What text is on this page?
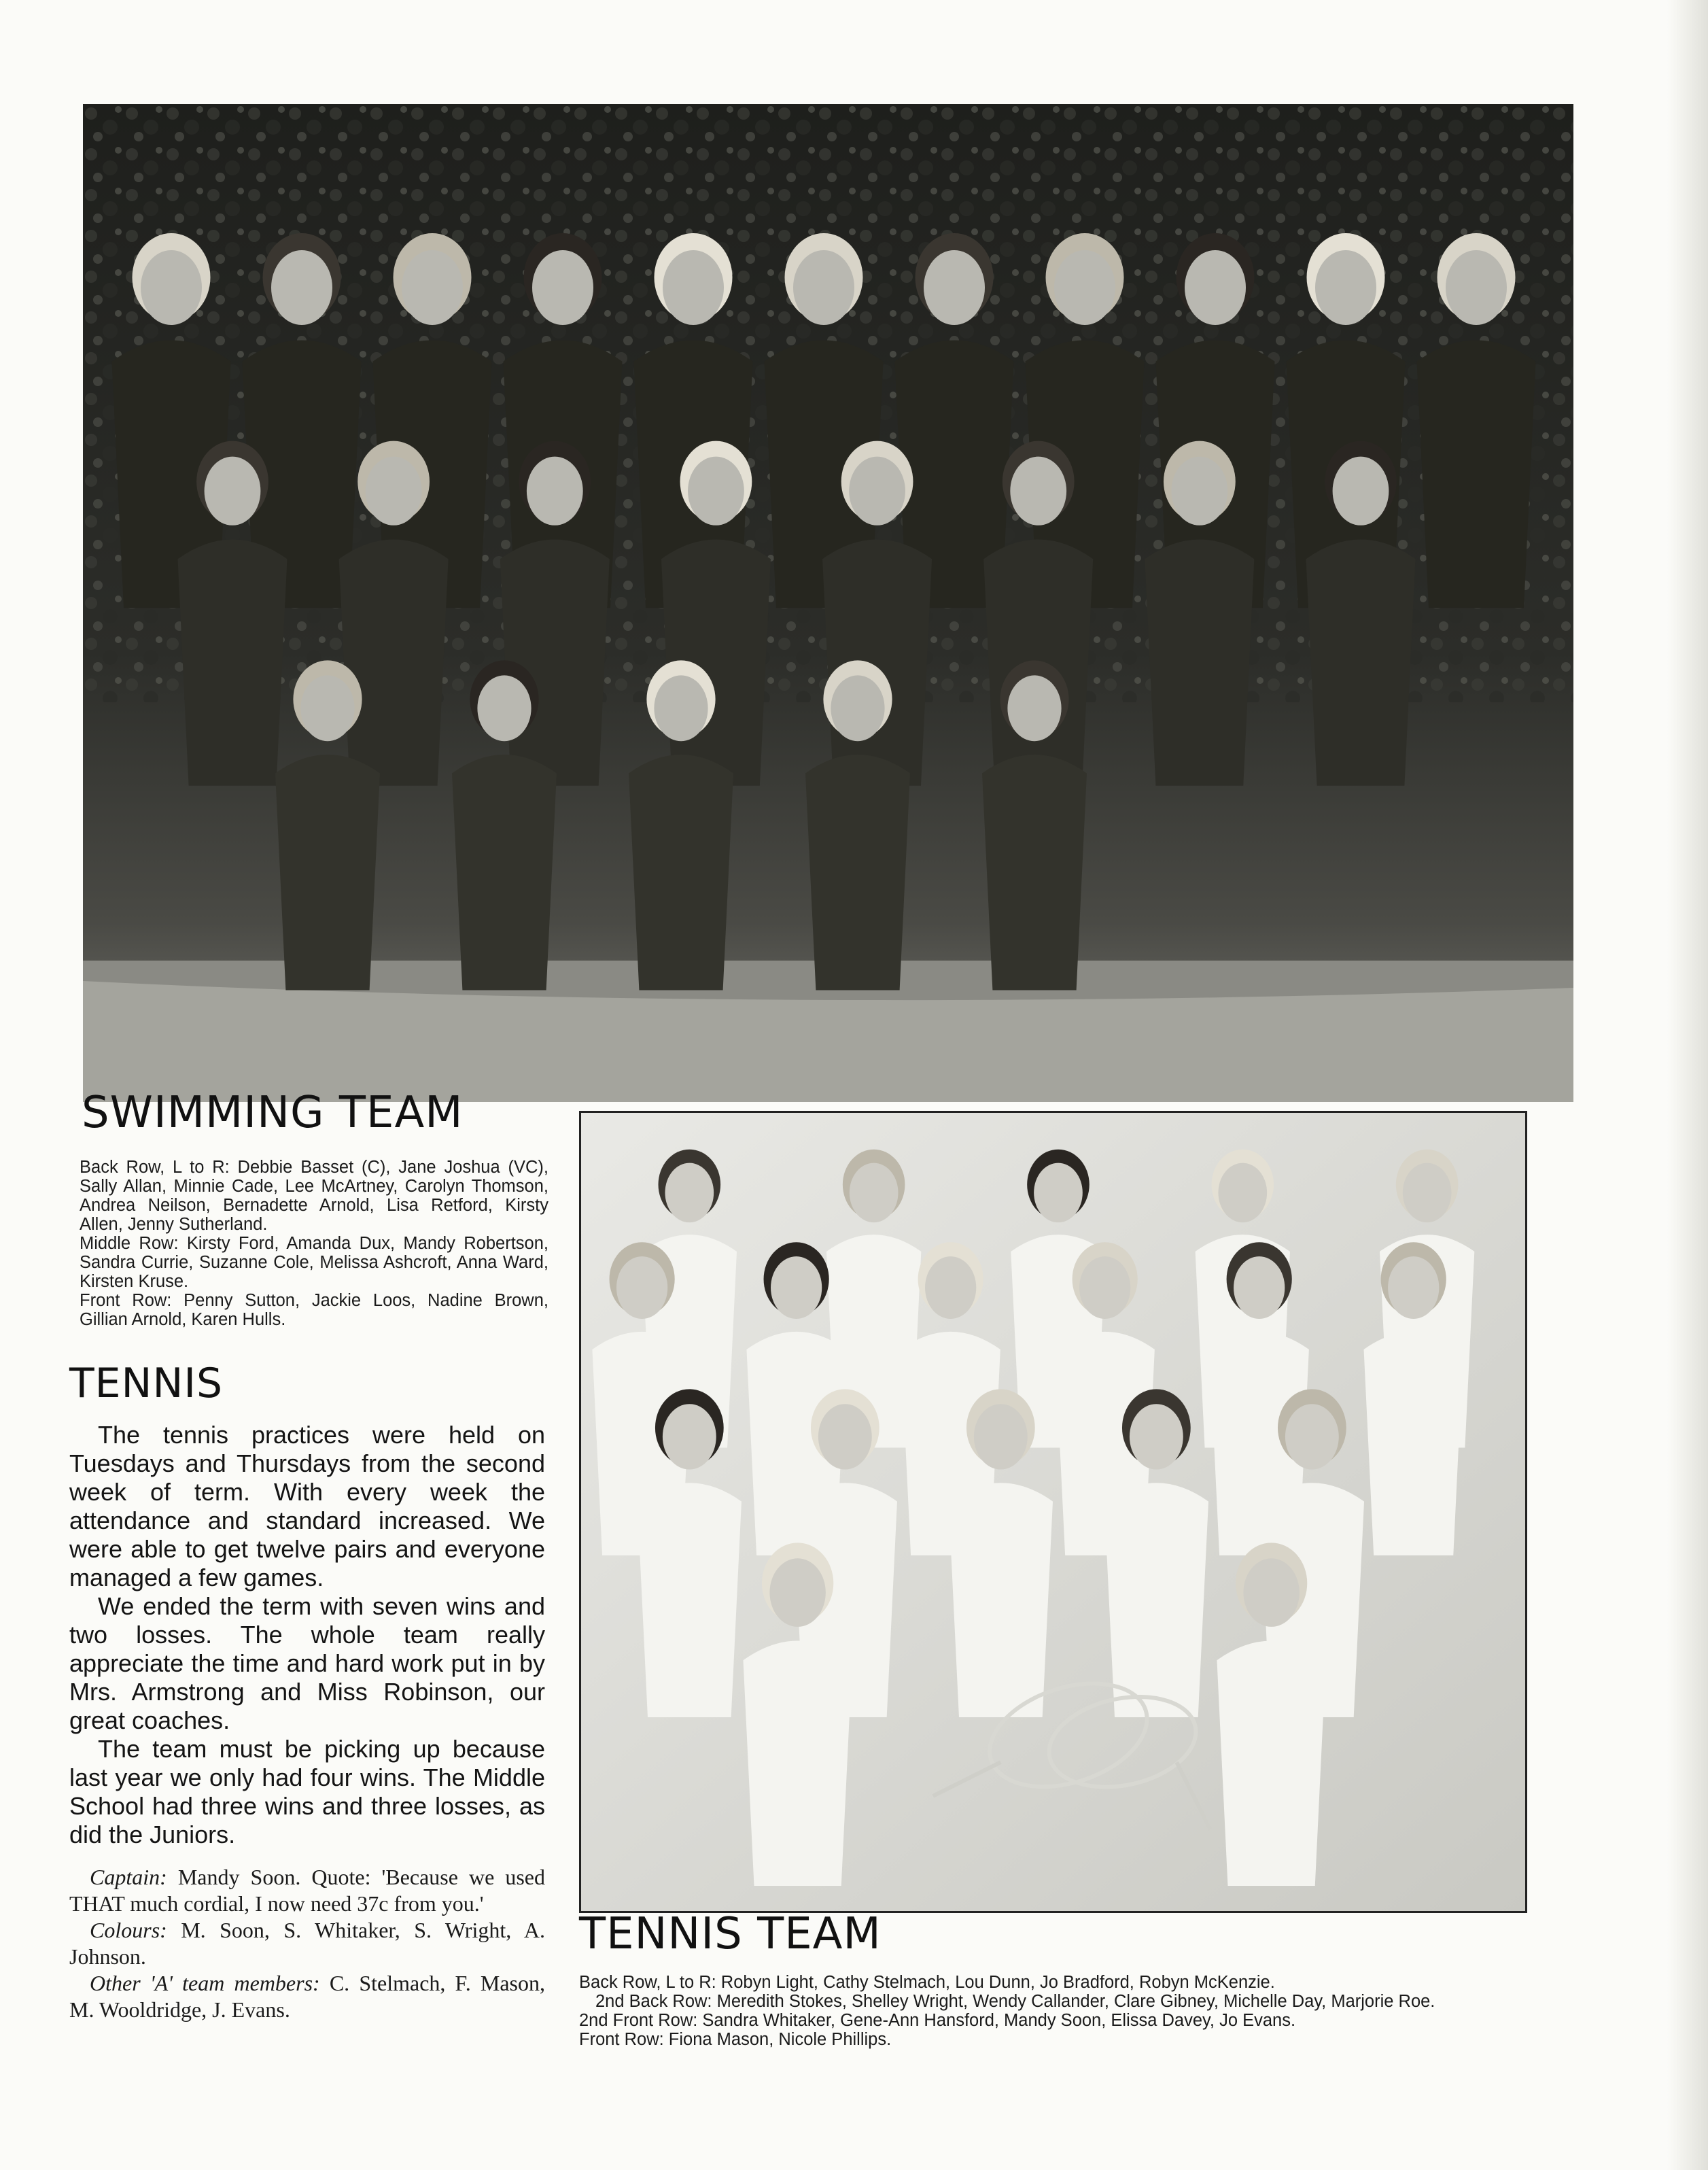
SWIMMING TEAM

Back Row, L to R: Debbie Basset (C), Jane Joshua (VC), Sally Allan, Minnie Cade, Lee McArtney, Carolyn Thomson, Andrea Neilson, Bernadette Arnold, Lisa Retford, Kirsty Allen, Jenny Sutherland.

Middle Row: Kirsty Ford, Amanda Dux, Mandy Robertson, Sandra Currie, Suzanne Cole, Melissa Ashcroft, Anna Ward, Kirsten Kruse.

Front Row: Penny Sutton, Jackie Loos, Nadine Brown, Gillian Arnold, Karen Hulls.

TENNIS

The tennis practices were held on Tuesdays and Thursdays from the second week of term. With every week the attendance and standard increased. We were able to get twelve pairs and everyone managed a few games.

We ended the term with seven wins and two losses. The whole team really appreciate the time and hard work put in by Mrs. Armstrong and Miss Robinson, our great coaches.

The team must be picking up because last year we only had four wins. The Middle School had three wins and three losses, as did the Juniors.

Captain: Mandy Soon. Quote: 'Because we used THAT much cordial, I now need 37c from you.'

Colours: M. Soon, S. Whitaker, S. Wright, A. Johnson.

Other 'A' team members: C. Stelmach, F. Mason, M. Wooldridge, J. Evans.

TENNIS TEAM

Back Row, L to R: Robyn Light, Cathy Stelmach, Lou Dunn, Jo Bradford, Robyn McKenzie.

2nd Back Row: Meredith Stokes, Shelley Wright, Wendy Callander, Clare Gibney, Michelle Day, Marjorie Roe.

2nd Front Row: Sandra Whitaker, Gene-Ann Hansford, Mandy Soon, Elissa Davey, Jo Evans.

Front Row: Fiona Mason, Nicole Phillips.
